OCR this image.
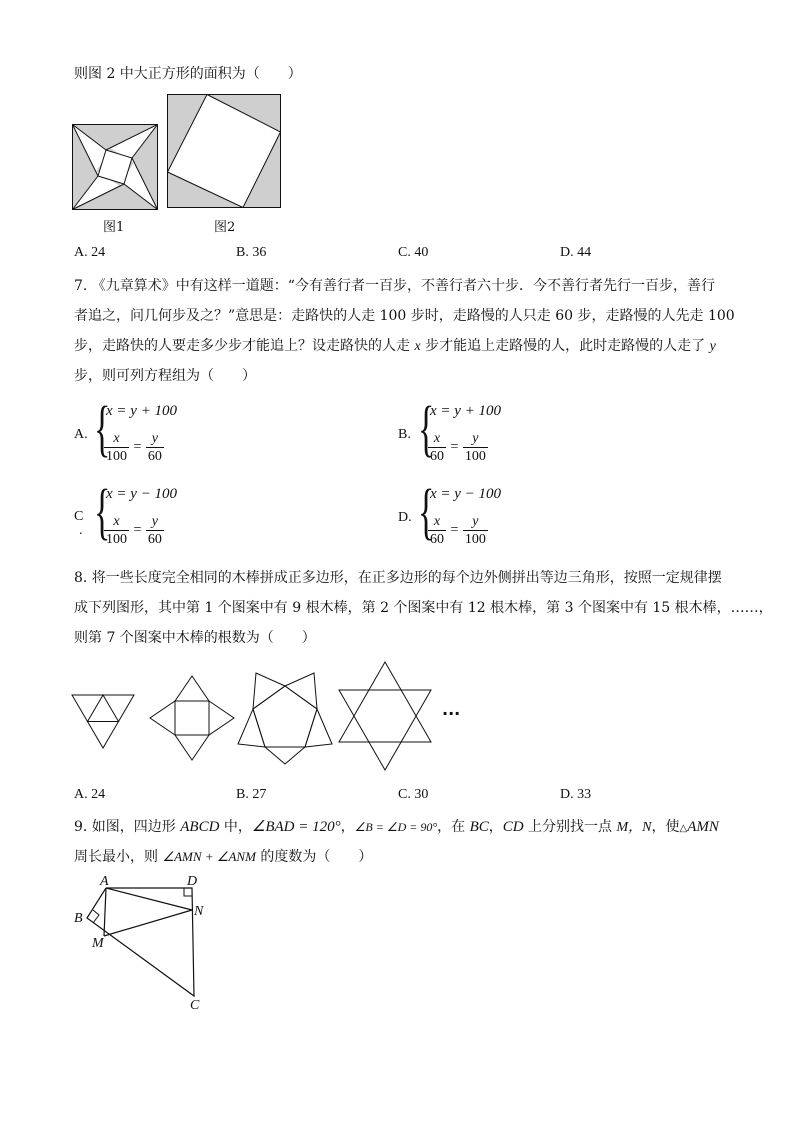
则图 2 中大正方形的面积为（　　）
图1	图2
A. 24	B. 36	C. 40	D. 44
7. 《九章算术》中有这样一道题：“今有善行者一百步，不善行者六十步．今不善行者先行一百步，善行
者追之，问几何步及之？”意思是：走路快的人走 100 步时，走路慢的人只走 60 步，走路慢的人先走 100
步，走路快的人要走多少步才能追上？设走路快的人走 x 步才能追上走路慢的人，此时走路慢的人走了 y
步，则可列方程组为（　　）
A. {
x = y + 100
$\frac{x}{100} = \frac{y}{60}$	B. {
x = y + 100
$\frac{x}{60} = \frac{y}{100}$
C
. {
x = y − 100
$\frac{x}{100} = \frac{y}{60}$	D. {
x = y − 100
$\frac{x}{60} = \frac{y}{100}$
8. 将一些长度完全相同的木棒拼成正多边形，在正多边形的每个边外侧拼出等边三角形，按照一定规律摆
成下列图形，其中第 1 个图案中有 9 根木棒，第 2 个图案中有 12 根木棒，第 3 个图案中有 15 根木棒，……，
则第 7 个图案中木棒的根数为（　　）
···
A. 24	B. 27	C. 30	D. 33
9. 如图，四边形 ABCD 中，∠BAD = 120°，∠B = ∠D = 90°，在 BC，CD 上分别找一点 M，N，使△AMN
周长最小，则 ∠AMN + ∠ANM 的度数为（　　）
A	D
B	N
M
C
